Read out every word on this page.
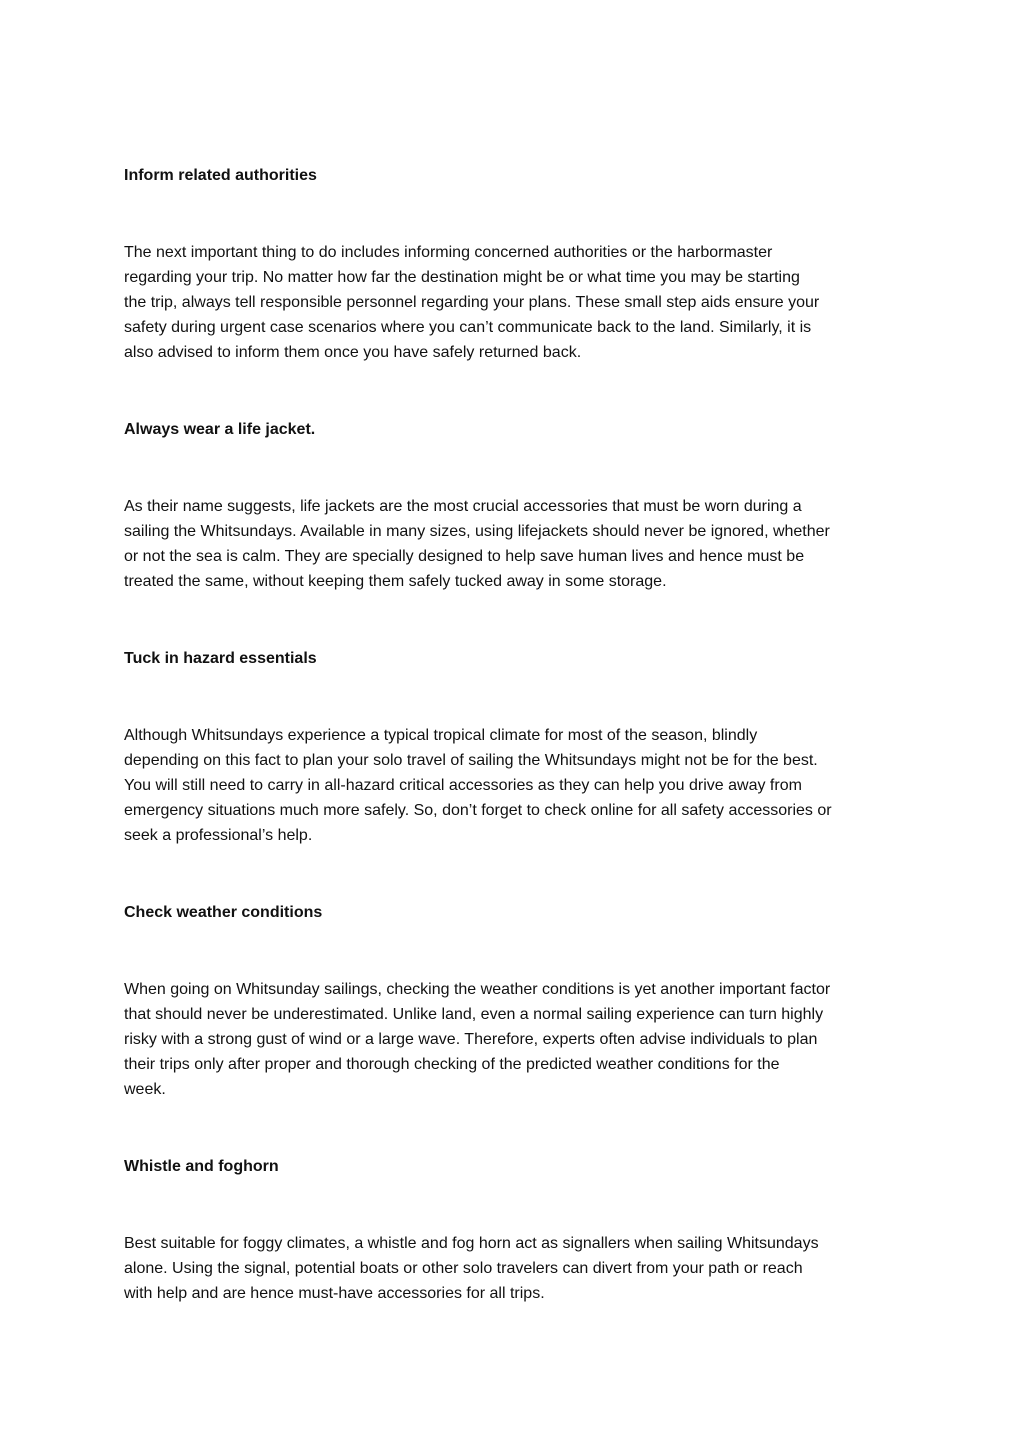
Inform related authorities

The next important thing to do includes informing concerned authorities or the harbormaster
regarding your trip. No matter how far the destination might be or what time you may be starting
the trip, always tell responsible personnel regarding your plans. These small step aids ensure your
safety during urgent case scenarios where you can’t communicate back to the land. Similarly, it is
also advised to inform them once you have safely returned back.

Always wear a life jacket.

As their name suggests, life jackets are the most crucial accessories that must be worn during a
sailing the Whitsundays. Available in many sizes, using lifejackets should never be ignored, whether
or not the sea is calm. They are specially designed to help save human lives and hence must be
treated the same, without keeping them safely tucked away in some storage.

Tuck in hazard essentials

Although Whitsundays experience a typical tropical climate for most of the season, blindly
depending on this fact to plan your solo travel of sailing the Whitsundays might not be for the best.
You will still need to carry in all-hazard critical accessories as they can help you drive away from
emergency situations much more safely. So, don’t forget to check online for all safety accessories or
seek a professional’s help.

Check weather conditions

When going on Whitsunday sailings, checking the weather conditions is yet another important factor
that should never be underestimated. Unlike land, even a normal sailing experience can turn highly
risky with a strong gust of wind or a large wave. Therefore, experts often advise individuals to plan
their trips only after proper and thorough checking of the predicted weather conditions for the
week.

Whistle and foghorn

Best suitable for foggy climates, a whistle and fog horn act as signallers when sailing Whitsundays
alone. Using the signal, potential boats or other solo travelers can divert from your path or reach
with help and are hence must-have accessories for all trips.
